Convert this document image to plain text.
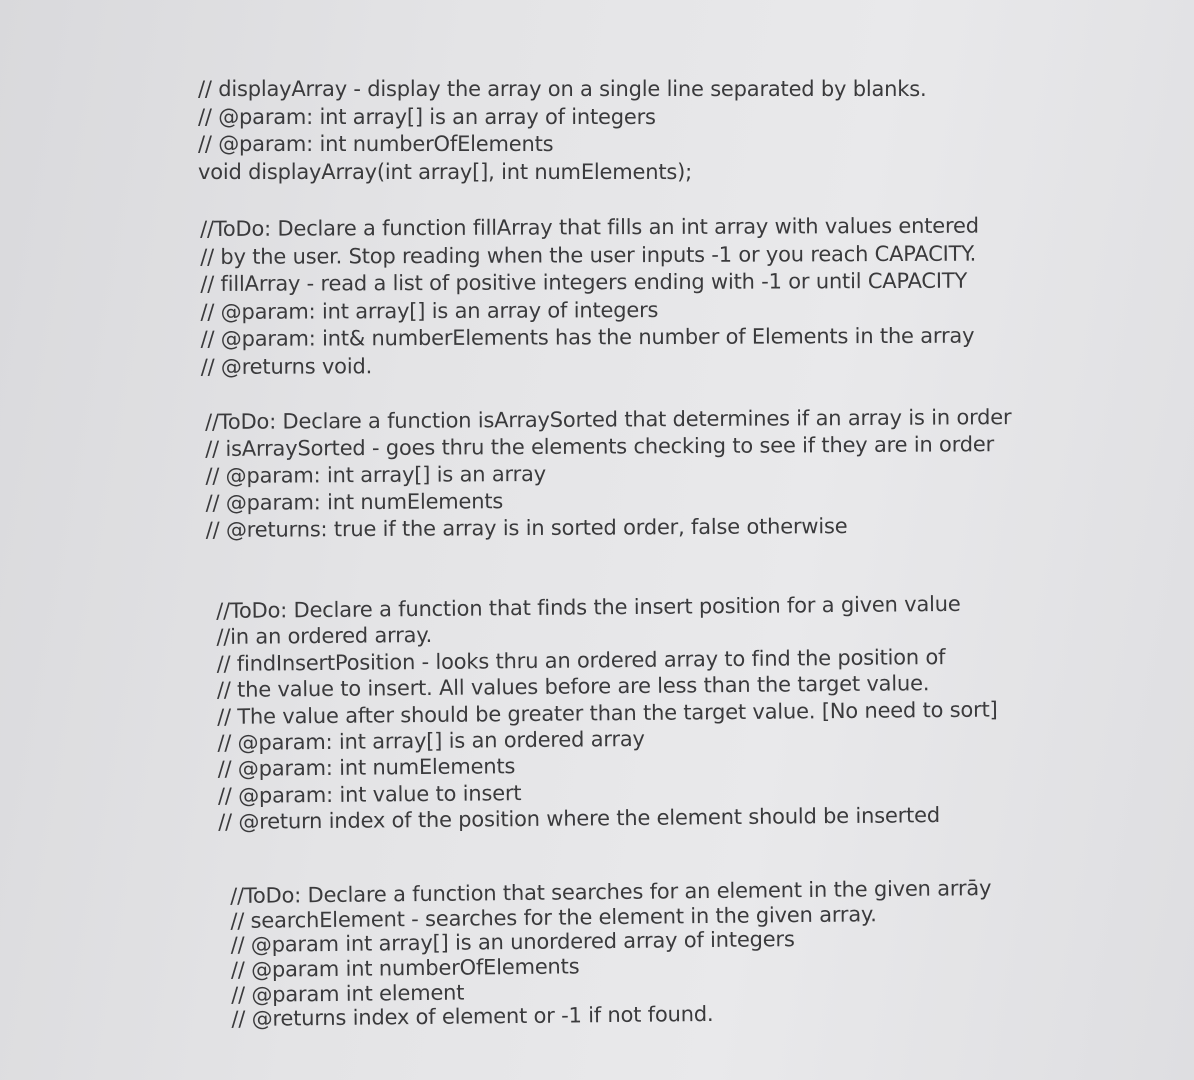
// displayArray - display the array on a single line separated by blanks.
// @param: int array[] is an array of integers
// @param: int numberOfElements
void displayArray(int array[], int numElements);
//ToDo: Declare a function fillArray that fills an int array with values entered
// by the user. Stop reading when the user inputs -1 or you reach CAPACITY.
// fillArray - read a list of positive integers ending with -1 or until CAPACITY
// @param: int array[] is an array of integers
// @param: int& numberElements has the number of Elements in the array
// @returns void.
//ToDo: Declare a function isArraySorted that determines if an array is in order
// isArraySorted - goes thru the elements checking to see if they are in order
// @param: int array[] is an array
// @param: int numElements
// @returns: true if the array is in sorted order, false otherwise
//ToDo: Declare a function that finds the insert position for a given value
//in an ordered array.
// findInsertPosition - looks thru an ordered array to find the position of
// the value to insert. All values before are less than the target value.
// The value after should be greater than the target value. [No need to sort]
// @param: int array[] is an ordered array
// @param: int numElements
// @param: int value to insert
// @return index of the position where the element should be inserted
//ToDo: Declare a function that searches for an element in the given arrāy
// searchElement - searches for the element in the given array.
// @param int array[] is an unordered array of integers
// @param int numberOfElements
// @param int element
// @returns index of element or -1 if not found.
